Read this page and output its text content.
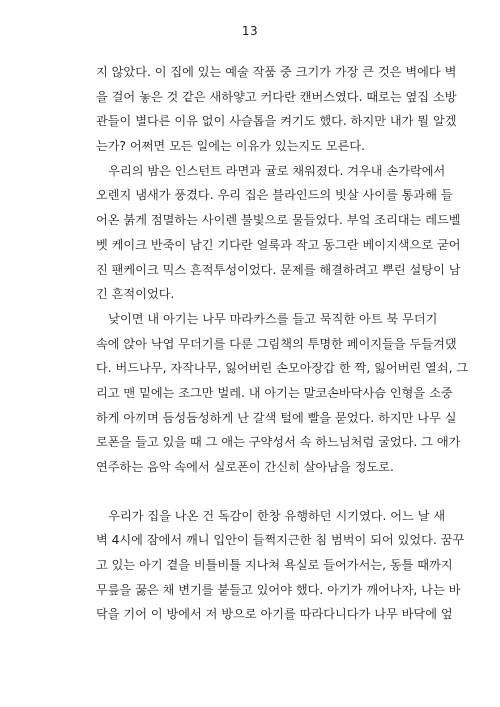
13

지 않았다. 이 집에 있는 예술 작품 중 크기가 가장 큰 것은 벽에다 벽
을 걸어 놓은 것 같은 새하얗고 커다란 캔버스였다. 때로는 옆집 소방
관들이 별다른 이유 없이 사슬톱을 켜기도 했다. 하지만 내가 뭘 알겠
는가? 어쩌면 모든 일에는 이유가 있는지도 모른다.

　우리의 밤은 인스턴트 라면과 귤로 채워졌다. 겨우내 손가락에서
오렌지 냄새가 풍겼다. 우리 집은 블라인드의 빗살 사이를 통과해 들
어온 붉게 점멸하는 사이렌 불빛으로 물들었다. 부엌 조리대는 레드벨
벳 케이크 반죽이 남긴 기다란 얼룩과 작고 동그란 베이지색으로 굳어
진 팬케이크 믹스 흔적투성이었다. 문제를 해결하려고 뿌린 설탕이 남
긴 흔적이었다.

　낮이면 내 아기는 나무 마라카스를 들고 묵직한 아트 북 무더기
속에 앉아 낙엽 무더기를 다룬 그림책의 투명한 페이지들을 두들겨댔
다. 버드나무, 자작나무, 잃어버린 손모아장갑 한 짝, 잃어버린 열쇠, 그
리고 맨 밑에는 조그만 벌레. 내 아기는 말코손바닥사슴 인형을 소중
하게 아끼며 듬성듬성하게 난 갈색 털에 빨을 묻었다. 하지만 나무 실
로폰을 들고 있을 때 그 애는 구약성서 속 하느님처럼 굴었다. 그 애가
연주하는 음악 속에서 실로폰이 간신히 살아남을 정도로.

　우리가 집을 나온 건 독감이 한창 유행하던 시기였다. 어느 날 새
벽 4시에 잠에서 깨니 입안이 들쩍지근한 침 범벅이 되어 있었다. 꿈꾸
고 있는 아기 곁을 비틀비틀 지나쳐 욕실로 들어가서는, 동틀 때까지
무릎을 꿇은 채 변기를 붙들고 있어야 했다. 아기가 깨어나자, 나는 바
닥을 기어 이 방에서 저 방으로 아기를 따라다니다가 나무 바닥에 엎
